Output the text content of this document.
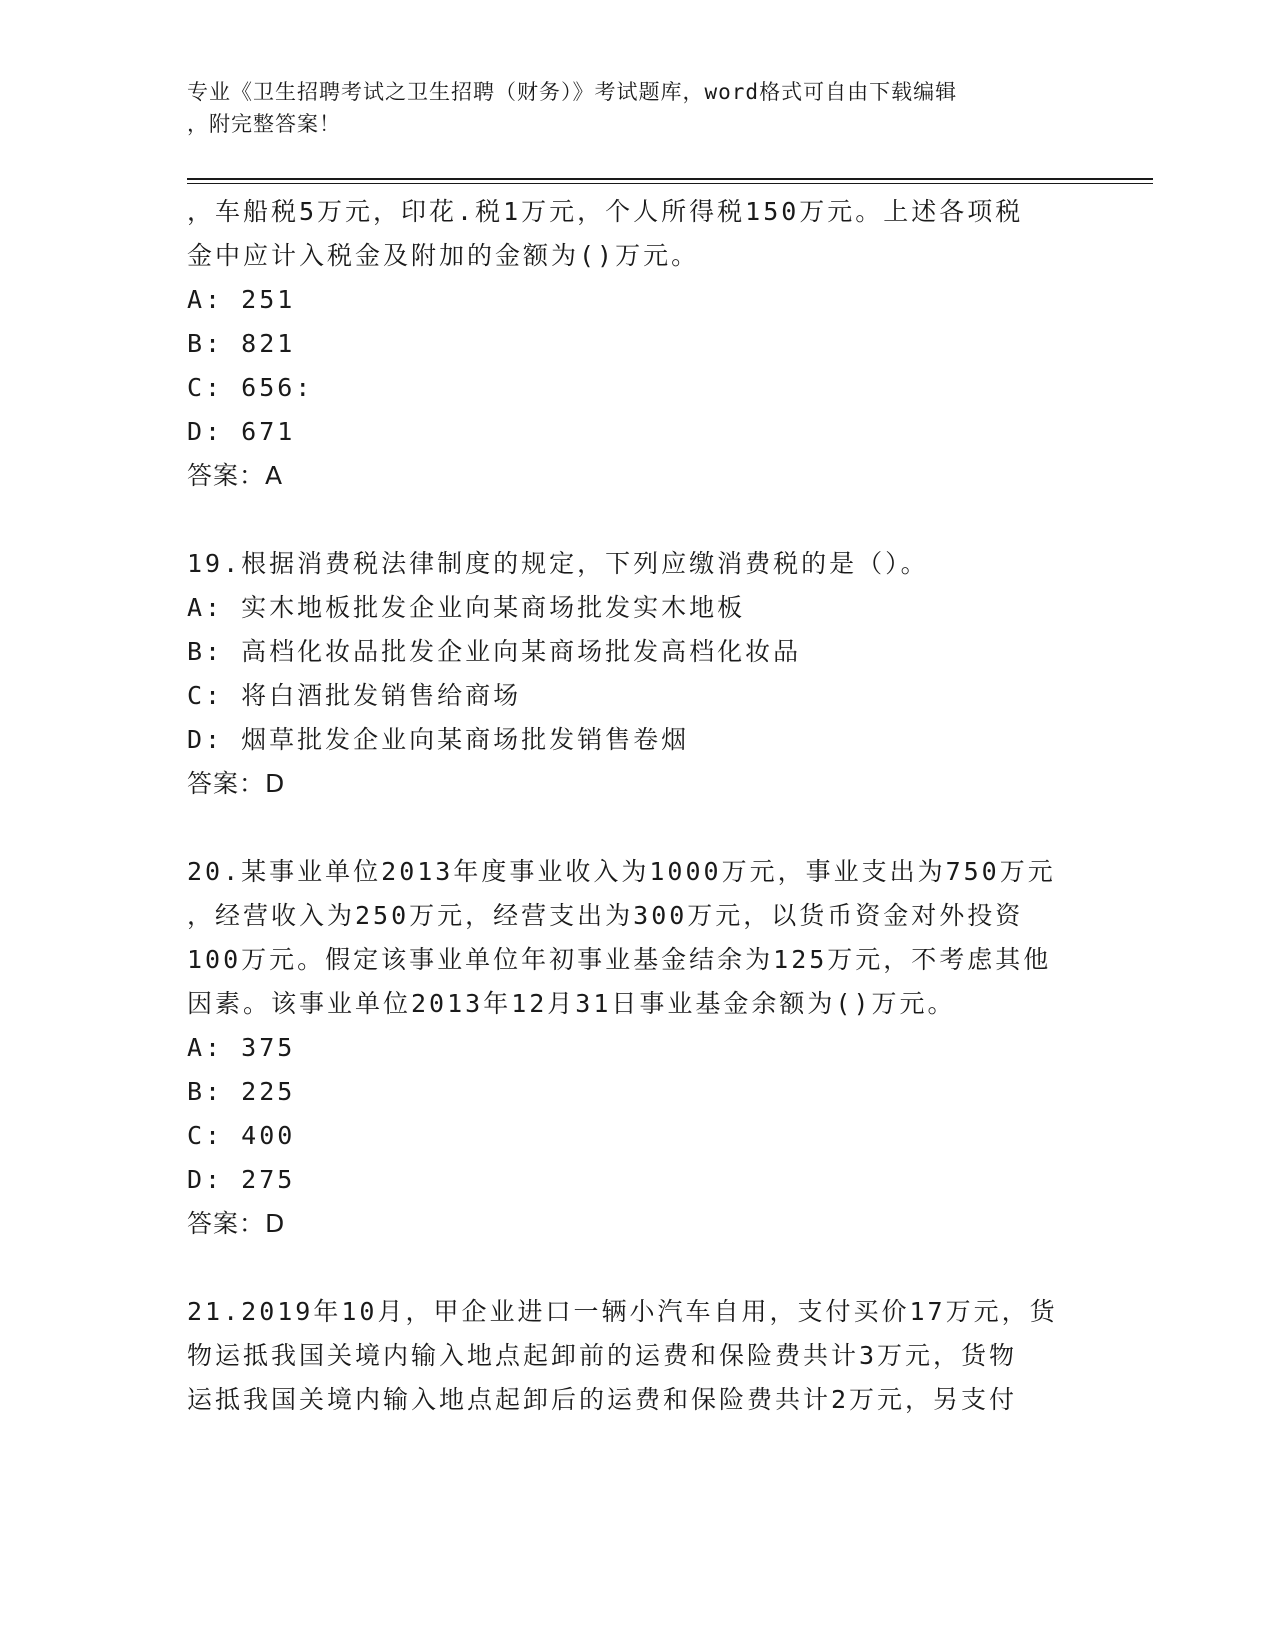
专业《卫生招聘考试之卫生招聘（财务）》考试题库，word格式可自由下载编辑
，附完整答案！
，车船税5万元，印花.税1万元，个人所得税150万元。上述各项税
金中应计入税金及附加的金额为()万元。
A: 251
B: 821
C: 656:
D: 671
答案：A
19.根据消费税法律制度的规定，下列应缴消费税的是（）。
A: 实木地板批发企业向某商场批发实木地板
B: 高档化妆品批发企业向某商场批发高档化妆品
C: 将白酒批发销售给商场
D: 烟草批发企业向某商场批发销售卷烟
答案：D
20.某事业单位2013年度事业收入为1000万元，事业支出为750万元
，经营收入为250万元，经营支出为300万元，以货币资金对外投资
100万元。假定该事业单位年初事业基金结余为125万元，不考虑其他
因素。该事业单位2013年12月31日事业基金余额为()万元。
A: 375
B: 225
C: 400
D: 275
答案：D
21.2019年10月，甲企业进口一辆小汽车自用，支付买价17万元，货
物运抵我国关境内输入地点起卸前的运费和保险费共计3万元，货物
运抵我国关境内输入地点起卸后的运费和保险费共计2万元，另支付
